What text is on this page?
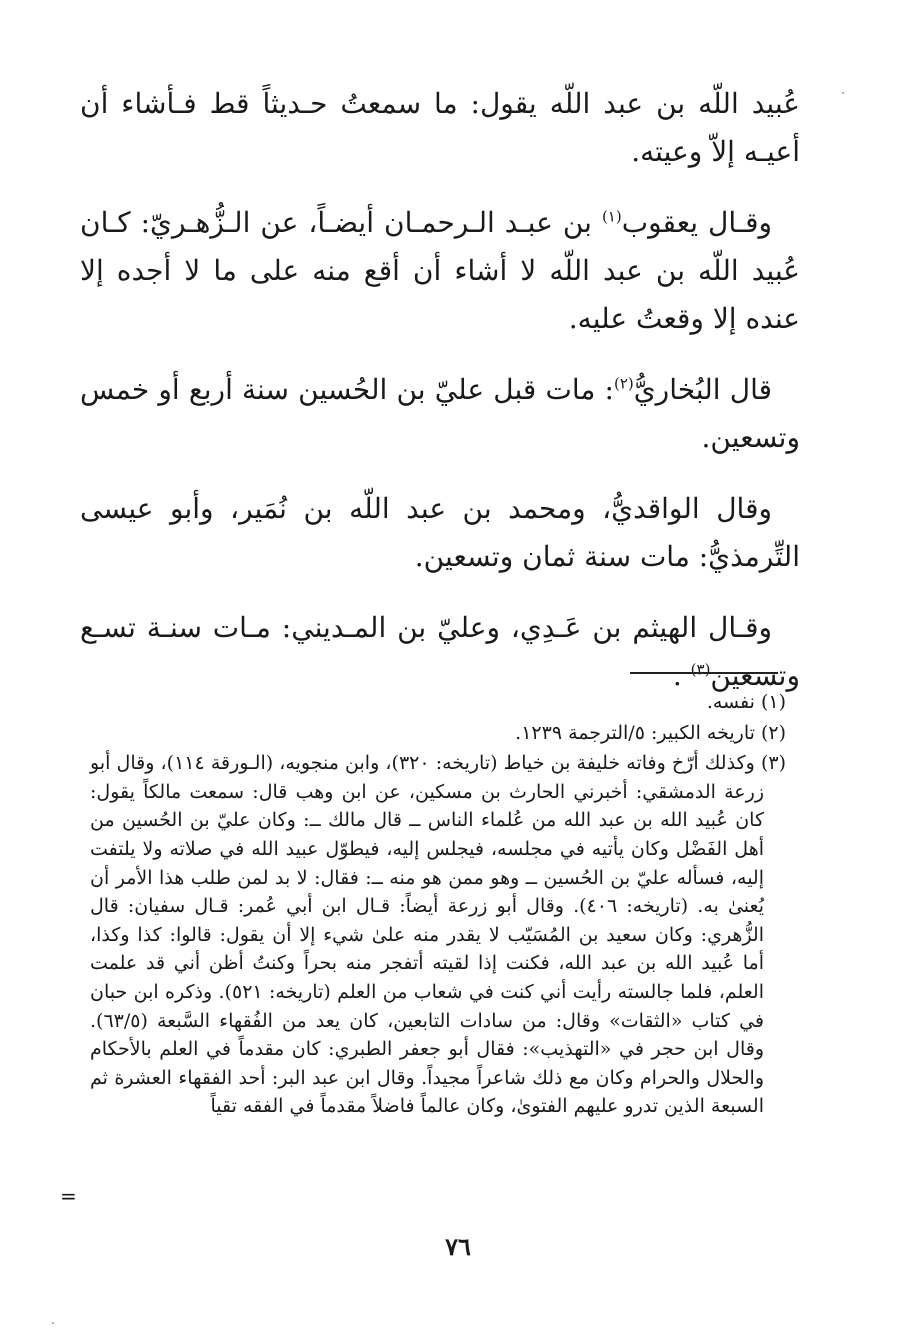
عُبيد اللّه بن عبد اللّه يقول: ما سمعتُ حـديثاً قط فـأشاء أن أعيـه إلاّ وعيته.

وقـال يعقوب$^{(١)}$ بن عبـد الـرحمـان أيضـاً، عن الـزُّهـريّ: كـان عُبيد اللّه بن عبد اللّه لا أشاء أن أقع منه على ما لا أجده إلا عنده إلا وقعتُ عليه.

قال البُخاريُّ$^{(٢)}$: مات قبل عليّ بن الحُسين سنة أربع أو خمس وتسعين.

وقال الواقديُّ، ومحمد بن عبد اللّه بن نُمَير، وأبو عيسى التِّرمذيُّ: مات سنة ثمان وتسعين.

وقـال الهيثم بن عَـدِي، وعليّ بن المـديني: مـات سنـة تسـع وتسعين$^{(٣)}$ .

(١) نفسه.

(٢) تاريخه الكبير: ٥/الترجمة ١٢٣٩.

(٣) وكذلك أرّخ وفاته خليفة بن خياط (تاريخه: ٣٢٠)، وابن منجويه، (الـورقة ١١٤)، وقال أبو زرعة الدمشقي: أخبرني الحارث بن مسكين، عن ابن وهب قال: سمعت مالكاً يقول: كان عُبيد الله بن عبد الله من عُلماء الناس ــ قال مالك ــ: وكان عليّ بن الحُسين من أهل الفَضْل وكان يأتيه في مجلسه، فيجلس إليه، فيطوّل عبيد الله في صلاته ولا يلتفت إليه، فسأله عليّ بن الحُسين ــ وهو ممن هو منه ــ: فقال: لا بد لمن طلب هذا الأمر أن يُعنىٰ به. (تاريخه: ٤٠٦). وقال أبو زرعة أيضاً: قـال ابن أبي عُمر: قـال سفيان: قال الزُّهري: وكان سعيد بن المُسَيّب لا يقدر منه علىٰ شيء إلا أن يقول: قالوا: كذا وكذا، أما عُبيد الله بن عبد الله، فكنت إذا لقيته أتفجر منه بحراً وكنتُ أظن أني قد علمت العلم، فلما جالسته رأيت أني كنت في شعاب من العلم (تاريخه: ٥٢١). وذكره ابن حبان في كتاب «الثقات» وقال: من سادات التابعين، كان يعد من الفُقهاء السَّبعة (٦٣/٥). وقال ابن حجر في «التهذيب»: فقال أبو جعفر الطبري: كان مقدماً في العلم بالأحكام والحلال والحرام وكان مع ذلك شاعراً مجيداً. وقال ابن عبد البر: أحد الفقهاء العشرة ثم السبعة الذين تدرو عليهم الفتوىٰ، وكان عالماً فاضلاً مقدماً في الفقه تقياً

=
٧٦
